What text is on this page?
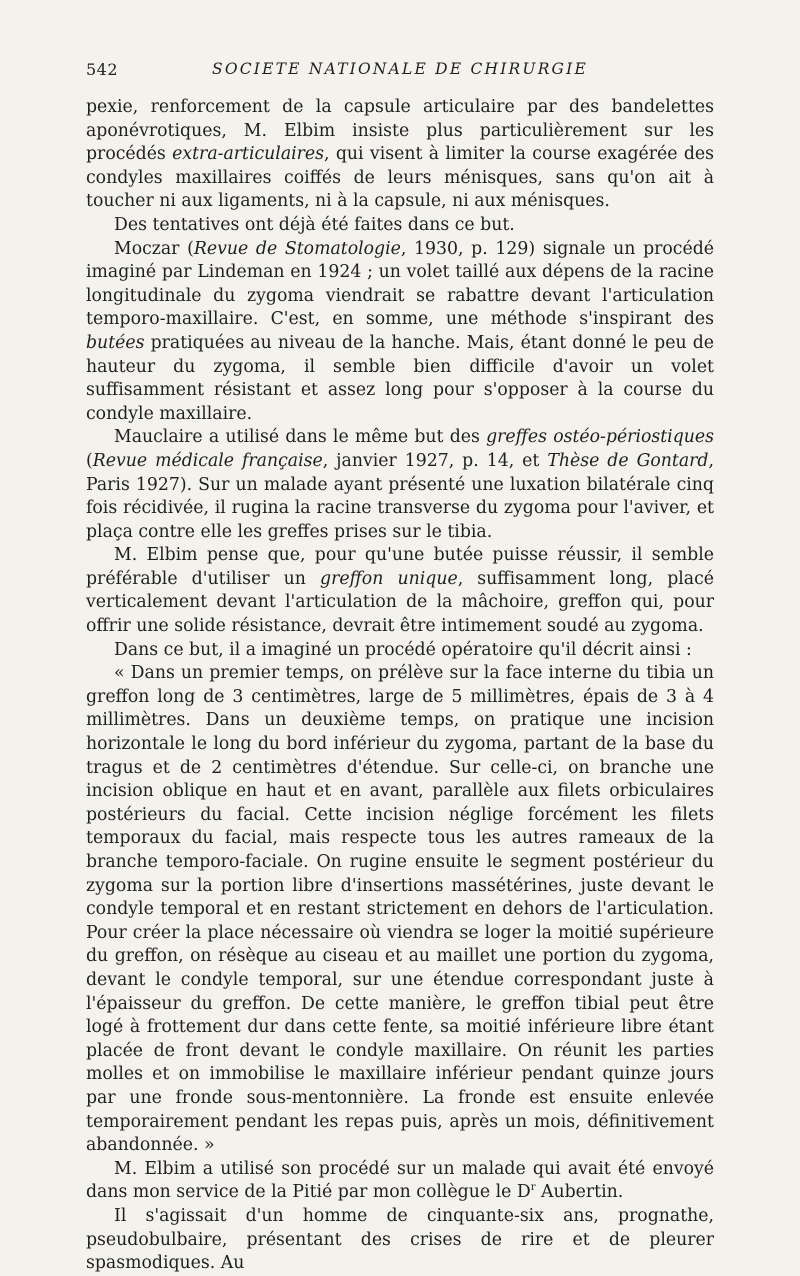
542	SOCIETE NATIONALE DE CHIRURGIE

pexie, renforcement de la capsule articulaire par des bandelettes aponévrotiques, M. Elbim insiste plus particulièrement sur les procédés extra-articulaires, qui visent à limiter la course exagérée des condyles maxillaires coiffés de leurs ménisques, sans qu'on ait à toucher ni aux ligaments, ni à la capsule, ni aux ménisques.

Des tentatives ont déjà été faites dans ce but.

Moczar (Revue de Stomatologie, 1930, p. 129) signale un procédé imaginé par Lindeman en 1924 ; un volet taillé aux dépens de la racine longitudinale du zygoma viendrait se rabattre devant l'articulation temporo-maxillaire. C'est, en somme, une méthode s'inspirant des butées pratiquées au niveau de la hanche. Mais, étant donné le peu de hauteur du zygoma, il semble bien difficile d'avoir un volet suffisamment résistant et assez long pour s'opposer à la course du condyle maxillaire.

Mauclaire a utilisé dans le même but des greffes ostéo-périostiques (Revue médicale française, janvier 1927, p. 14, et Thèse de Gontard, Paris 1927). Sur un malade ayant présenté une luxation bilatérale cinq fois récidivée, il rugina la racine transverse du zygoma pour l'aviver, et plaça contre elle les greffes prises sur le tibia.

M. Elbim pense que, pour qu'une butée puisse réussir, il semble préférable d'utiliser un greffon unique, suffisamment long, placé verticalement devant l'articulation de la mâchoire, greffon qui, pour offrir une solide résistance, devrait être intimement soudé au zygoma.

Dans ce but, il a imaginé un procédé opératoire qu'il décrit ainsi :

« Dans un premier temps, on prélève sur la face interne du tibia un greffon long de 3 centimètres, large de 5 millimètres, épais de 3 à 4 millimètres. Dans un deuxième temps, on pratique une incision horizontale le long du bord inférieur du zygoma, partant de la base du tragus et de 2 centimètres d'étendue. Sur celle-ci, on branche une incision oblique en haut et en avant, parallèle aux filets orbiculaires postérieurs du facial. Cette incision néglige forcément les filets temporaux du facial, mais respecte tous les autres rameaux de la branche temporo-faciale. On rugine ensuite le segment postérieur du zygoma sur la portion libre d'insertions massétérines, juste devant le condyle temporal et en restant strictement en dehors de l'articulation. Pour créer la place nécessaire où viendra se loger la moitié supérieure du greffon, on résèque au ciseau et au maillet une portion du zygoma, devant le condyle temporal, sur une étendue correspondant juste à l'épaisseur du greffon. De cette manière, le greffon tibial peut être logé à frottement dur dans cette fente, sa moitié inférieure libre étant placée de front devant le condyle maxillaire. On réunit les parties molles et on immobilise le maxillaire inférieur pendant quinze jours par une fronde sous-mentonnière. La fronde est ensuite enlevée temporairement pendant les repas puis, après un mois, définitivement abandonnée. »

M. Elbim a utilisé son procédé sur un malade qui avait été envoyé dans mon service de la Pitié par mon collègue le $D^r$ Aubertin.

Il s'agissait d'un homme de cinquante-six ans, prognathe, pseudobulbaire, présentant des crises de rire et de pleurer spasmodiques. Au
